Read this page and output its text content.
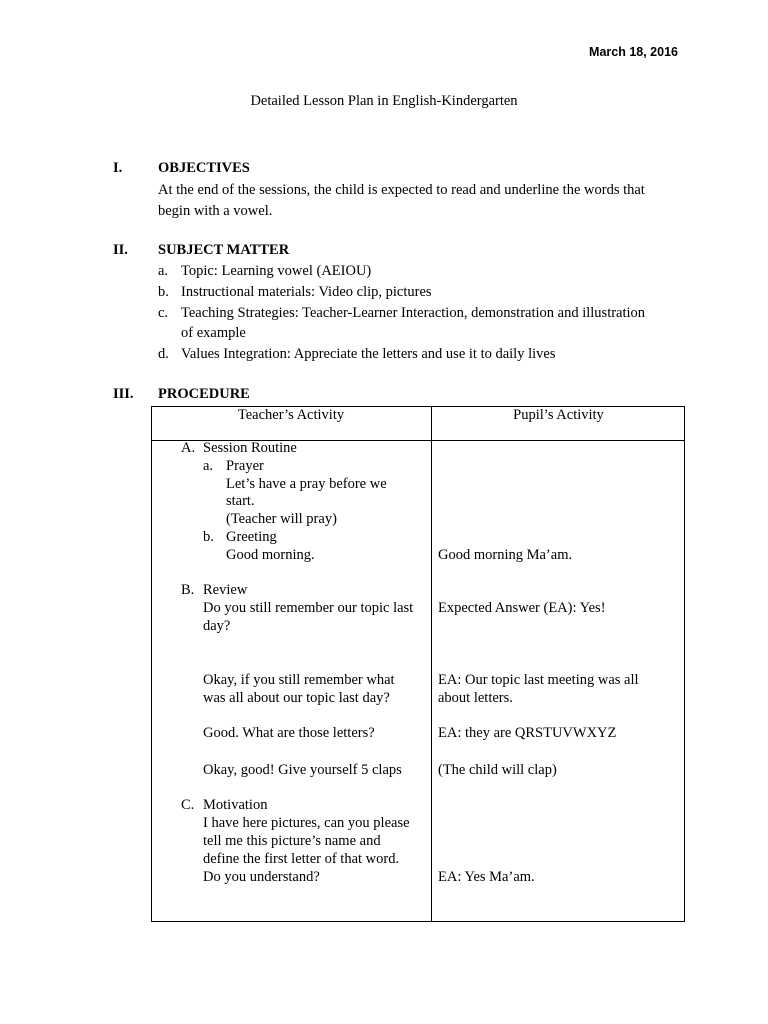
March 18, 2016
Detailed Lesson Plan in English-Kindergarten
I. OBJECTIVES
At the end of the sessions, the child is expected to read and underline the words that begin with a vowel.
II. SUBJECT MATTER
a. Topic: Learning vowel (AEIOU)
b. Instructional materials: Video clip, pictures
c. Teaching Strategies: Teacher-Learner Interaction, demonstration and illustration
of example
d. Values Integration: Appreciate the letters and use it to daily lives
III. PROCEDURE
Teacher’s Activity	Pupil’s Activity
A. Session Routine
a. Prayer
Let’s have a pray before we
start.
(Teacher will pray)
b. Greeting
Good morning.
B. Review
Do you still remember our topic last
day?
Okay, if you still remember what
was all about our topic last day?
Good. What are those letters?
Okay, good! Give yourself 5 claps
C. Motivation
I have here pictures, can you please
tell me this picture’s name and
define the first letter of that word.
Do you understand?
Good morning Ma’am.
Expected Answer (EA): Yes!
EA: Our topic last meeting was all
about letters.
EA: they are QRSTUVWXYZ
(The child will clap)
EA: Yes Ma’am.
